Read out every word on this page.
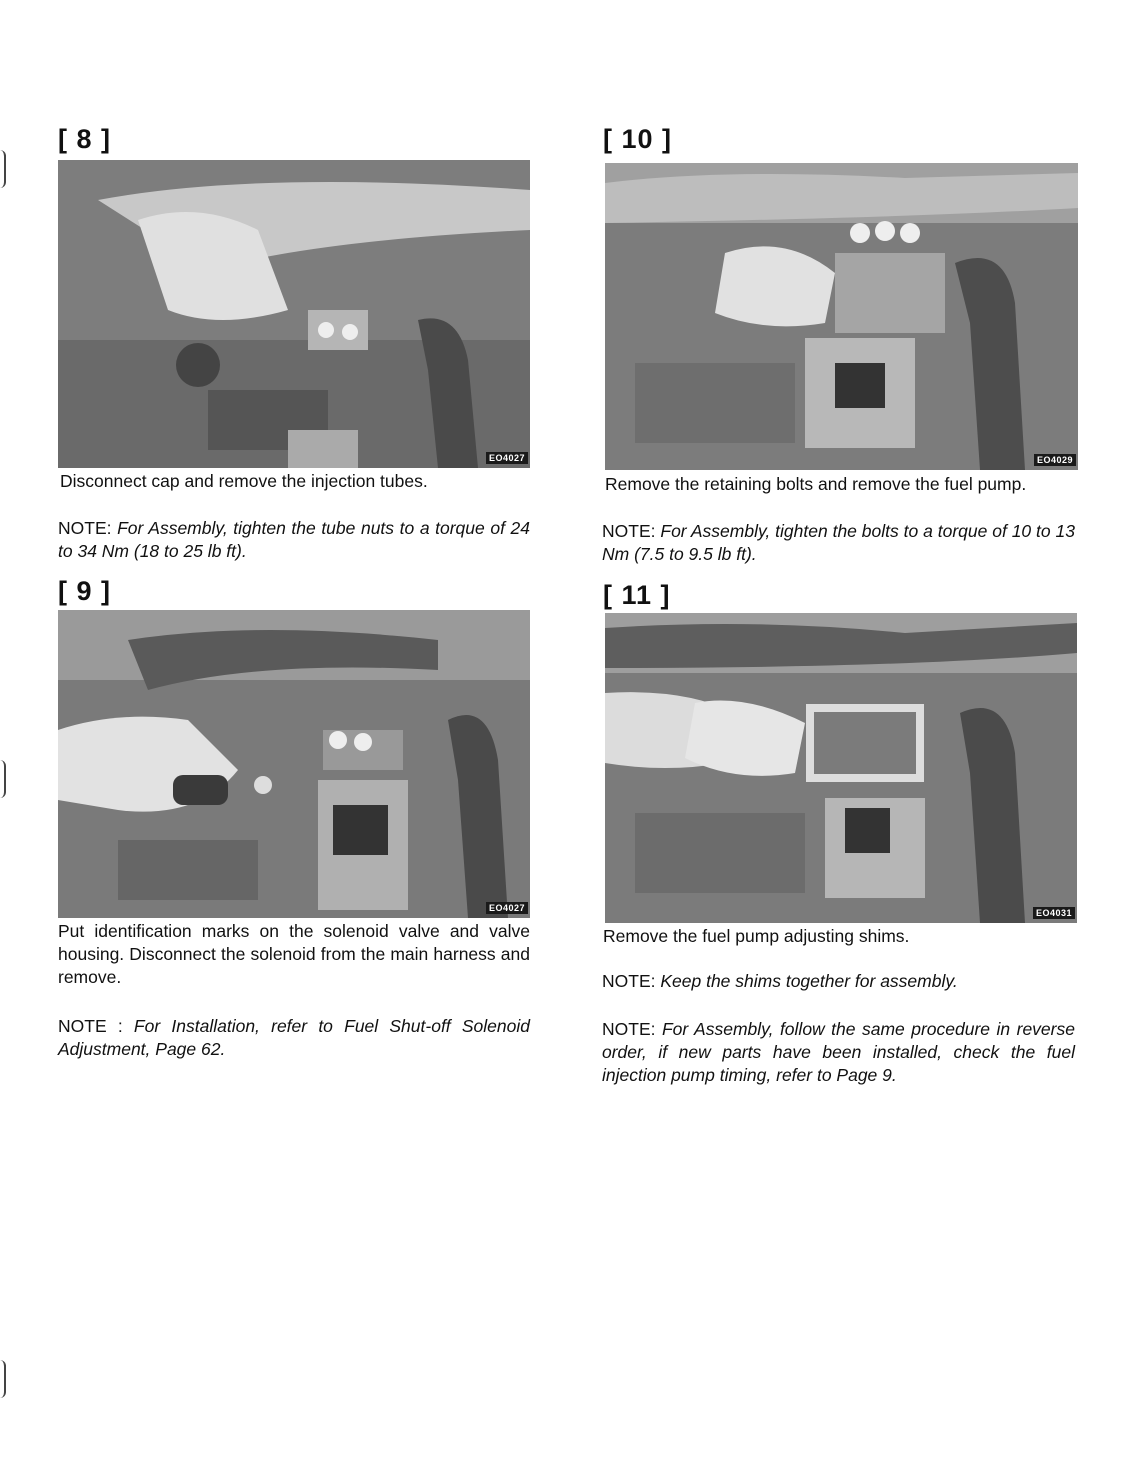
[ 8 ]
EO4027

Disconnect cap and remove the injection tubes.

NOTE: For Assembly, tighten the tube nuts to a torque of 24 to 34 Nm (18 to 25 lb ft).

[ 9 ]
EO4027

Put identification marks on the solenoid valve and valve housing. Disconnect the solenoid from the main harness and remove.

NOTE : For Installation, refer to Fuel Shut-off Solenoid Adjustment, Page 62.

[ 10 ]
EO4029

Remove the retaining bolts and remove the fuel pump.

NOTE: For Assembly, tighten the bolts to a torque of 10 to 13 Nm (7.5 to 9.5 lb ft).

[ 11 ]
EO4031

Remove the fuel pump adjusting shims.

NOTE: Keep the shims together for assembly.

NOTE: For Assembly, follow the same procedure in reverse order, if new parts have been installed, check the fuel injection pump timing, refer to Page 9.
